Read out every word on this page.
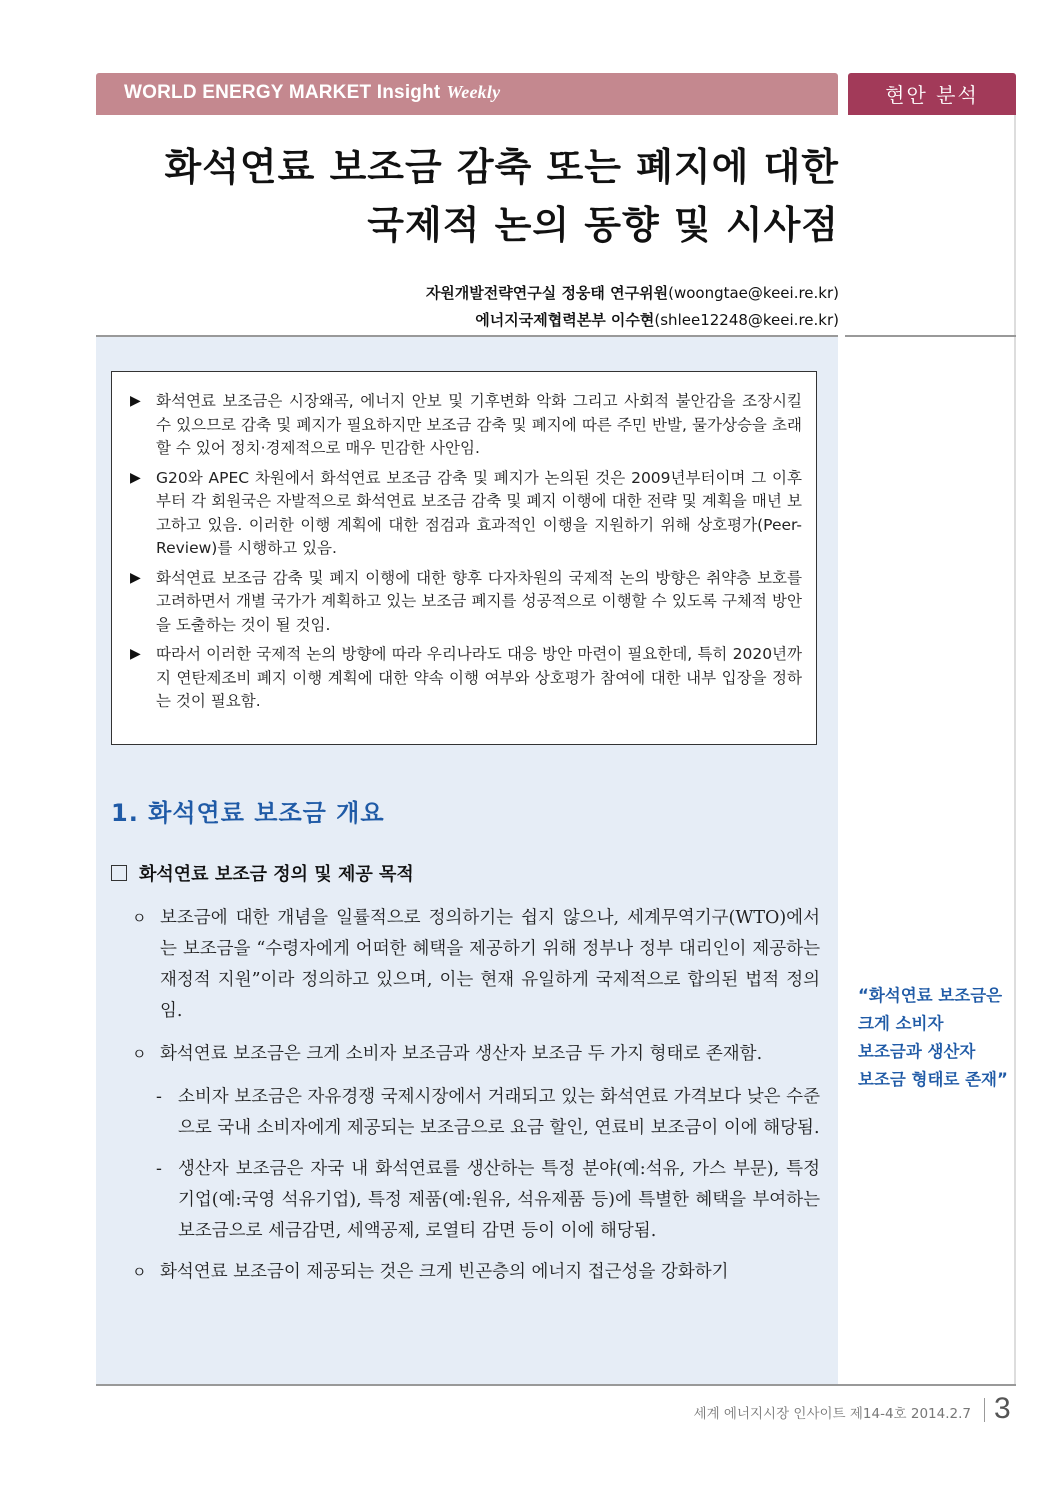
WORLD ENERGY MARKET Insight Weekly	현안 분석
화석연료 보조금 감축 또는 폐지에 대한
국제적 논의 동향 및 시사점
자원개발전략연구실 정웅태 연구위원(woongtae@keei.re.kr)
에너지국제협력본부 이수현(shlee12248@keei.re.kr)
▶ 화석연료 보조금은 시장왜곡, 에너지 안보 및 기후변화 악화 그리고 사회적 불안감을 조장시킬 수 있으므로 감축 및 폐지가 필요하지만 보조금 감축 및 폐지에 따른 주민 반발, 물가상승을 초래할 수 있어 정치·경제적으로 매우 민감한 사안임.
▶ G20와 APEC 차원에서 화석연료 보조금 감축 및 폐지가 논의된 것은 2009년부터이며 그 이후부터 각 회원국은 자발적으로 화석연료 보조금 감축 및 폐지 이행에 대한 전략 및 계획을 매년 보고하고 있음. 이러한 이행 계획에 대한 점검과 효과적인 이행을 지원하기 위해 상호평가(Peer- Review)를 시행하고 있음.
▶ 화석연료 보조금 감축 및 폐지 이행에 대한 향후 다자차원의 국제적 논의 방향은 취약층 보호를 고려하면서 개별 국가가 계획하고 있는 보조금 폐지를 성공적으로 이행할 수 있도록 구체적 방안을 도출하는 것이 될 것임.
▶ 따라서 이러한 국제적 논의 방향에 따라 우리나라도 대응 방안 마련이 필요한데, 특히 2020년까지 연탄제조비 폐지 이행 계획에 대한 약속 이행 여부와 상호평가 참여에 대한 내부 입장을 정하는 것이 필요함.
1. 화석연료 보조금 개요
화석연료 보조금 정의 및 제공 목적
ㅇ 보조금에 대한 개념을 일률적으로 정의하기는 쉽지 않으나, 세계무역기구(WTO)에서는 보조금을 “수령자에게 어떠한 혜택을 제공하기 위해 정부나 정부 대리인이 제공하는 재정적 지원”이라 정의하고 있으며, 이는 현재 유일하게 국제적으로 합의된 법적 정의임.
ㅇ 화석연료 보조금은 크게 소비자 보조금과 생산자 보조금 두 가지 형태로 존재함.
- 소비자 보조금은 자유경쟁 국제시장에서 거래되고 있는 화석연료 가격보다 낮은 수준으로 국내 소비자에게 제공되는 보조금으로 요금 할인, 연료비 보조금이 이에 해당됨.
- 생산자 보조금은 자국 내 화석연료를 생산하는 특정 분야(예:석유, 가스 부문), 특정 기업(예:국영 석유기업), 특정 제품(예:원유, 석유제품 등)에 특별한 혜택을 부여하는 보조금으로 세금감면, 세액공제, 로열티 감면 등이 이에 해당됨.
ㅇ 화석연료 보조금이 제공되는 것은 크게 빈곤층의 에너지 접근성을 강화하기
“화석연료 보조금은
크게 소비자
보조금과 생산자
보조금 형태로 존재”
세계 에너지시장 인사이트 제14-4호 2014.2.7 3
